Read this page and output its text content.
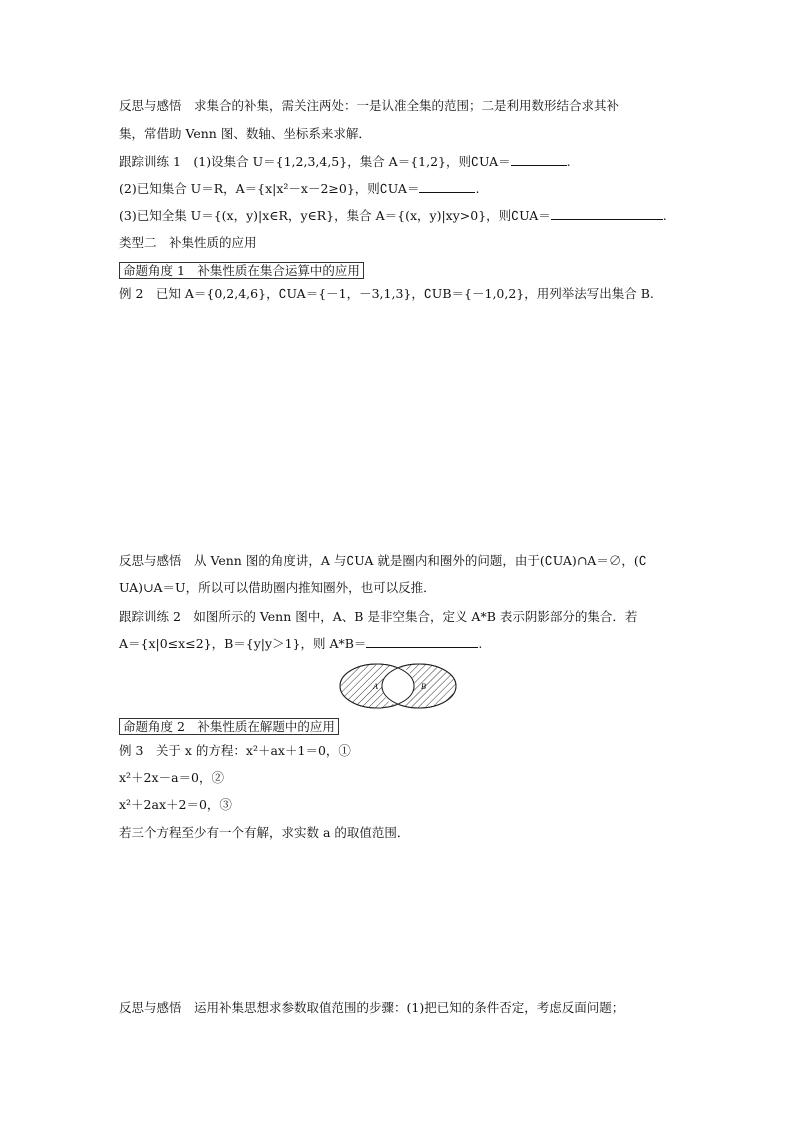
反思与感悟　求集合的补集，需关注两处：一是认准全集的范围；二是利用数形结合求其补
集，常借助 Venn 图、数轴、坐标系来求解．
跟踪训练 1　(1)设集合 U＝{1,2,3,4,5}，集合 A＝{1,2}，则∁UA＝	.
(2)已知集合 U＝R，A＝{x|x²－x－2≥0}，则∁UA＝	.
(3)已知全集 U＝{(x，y)|x∈R，y∈R}，集合 A＝{(x，y)|xy>0}，则∁UA＝	.
类型二　补集性质的应用
命题角度 1　补集性质在集合运算中的应用
例 2　已知 A＝{0,2,4,6}，∁UA＝{－1，－3,1,3}，∁UB＝{－1,0,2}，用列举法写出集合 B.
反思与感悟　从 Venn 图的角度讲，A 与∁UA 就是圈内和圈外的问题，由于(∁UA)∩A＝∅，(∁
UA)∪A＝U，所以可以借助圈内推知圈外，也可以反推．
跟踪训练 2　如图所示的 Venn 图中，A、B 是非空集合，定义 A*B 表示阴影部分的集合．若
A＝{x|0≤x≤2}，B＝{y|y＞1}，则 A*B＝	.
A	B
命题角度 2　补集性质在解题中的应用
例 3　关于 x 的方程：x²＋ax＋1＝0，①
x²＋2x－a＝0，②
x²＋2ax＋2＝0，③
若三个方程至少有一个有解，求实数 a 的取值范围．
反思与感悟　运用补集思想求参数取值范围的步骤：(1)把已知的条件否定，考虑反面问题；
